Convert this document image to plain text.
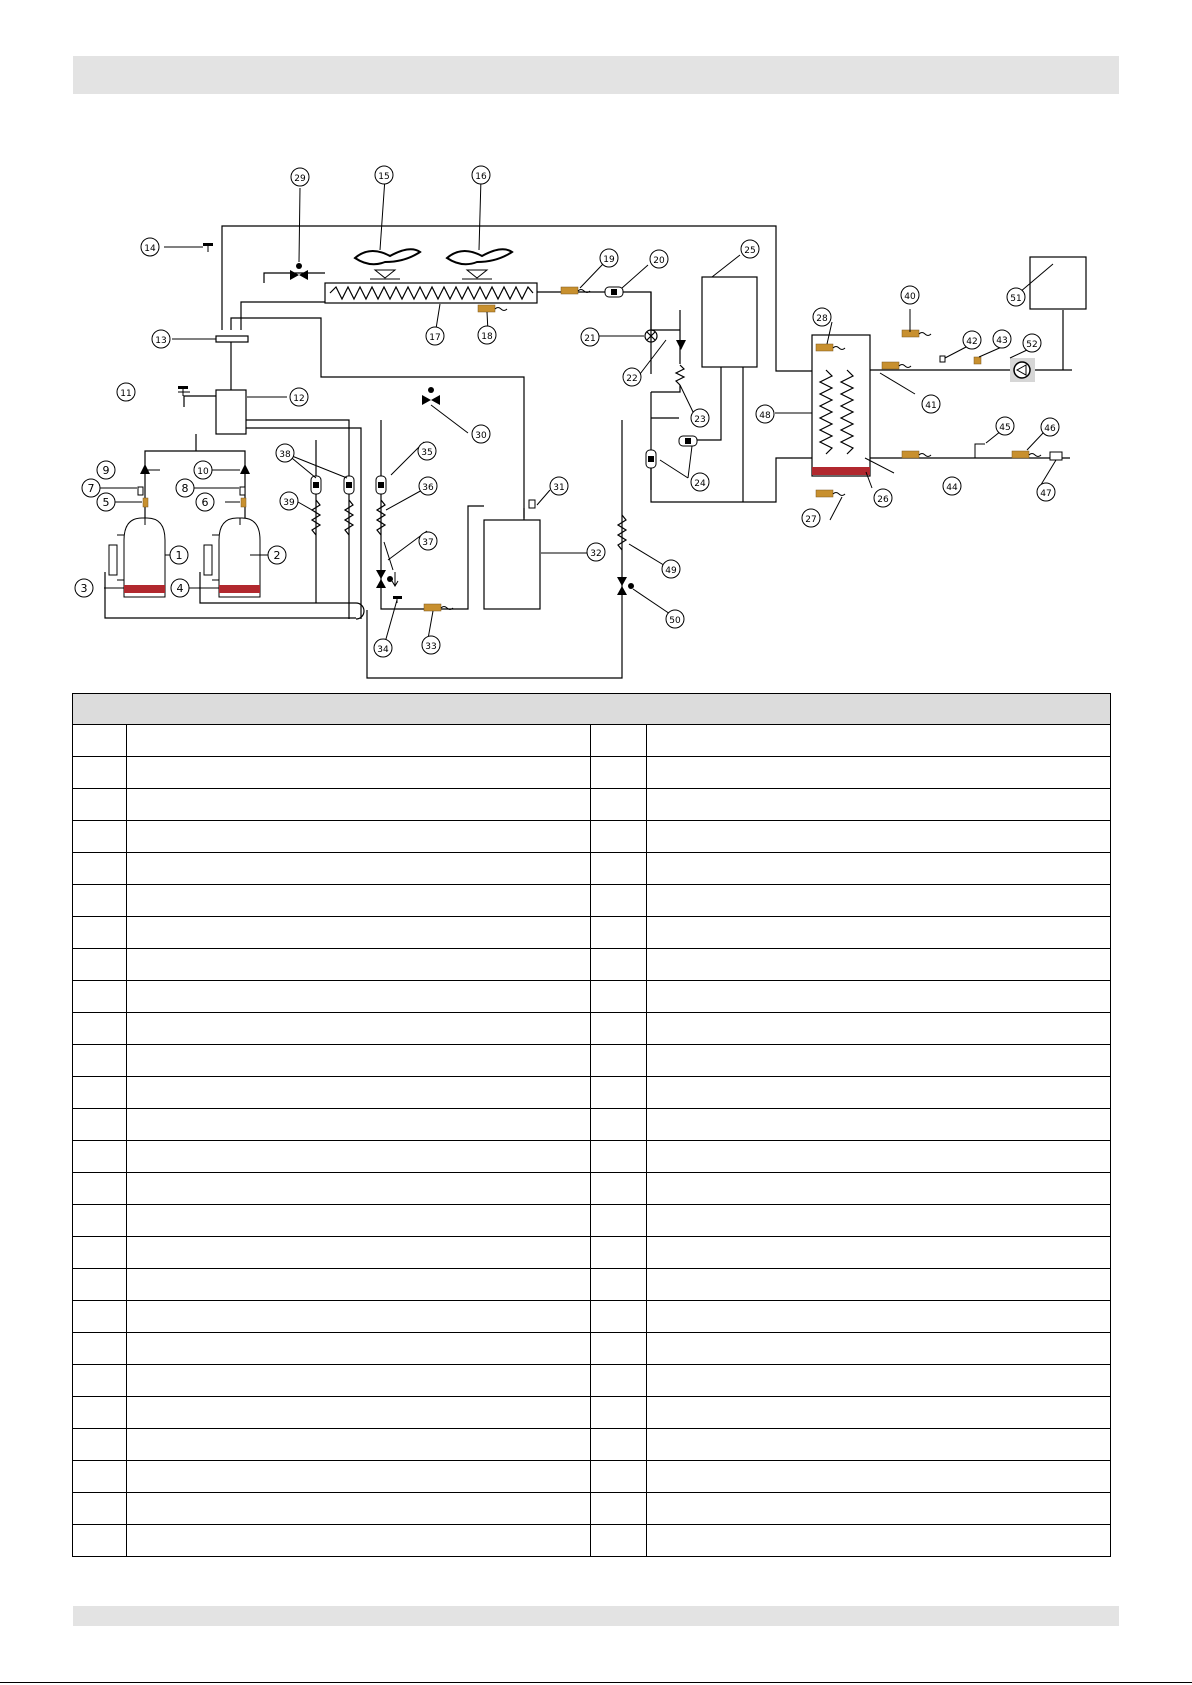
1	2
3	4
5	6
7	8
9	10
11	12
13
14
15	16
17	18
19	20
21
22
23
24
25
26
27
28
29
30
31
32
33
34
35
36
37
38
39
40
41
42 43
44
45	46
47
48
49
50
51
52
